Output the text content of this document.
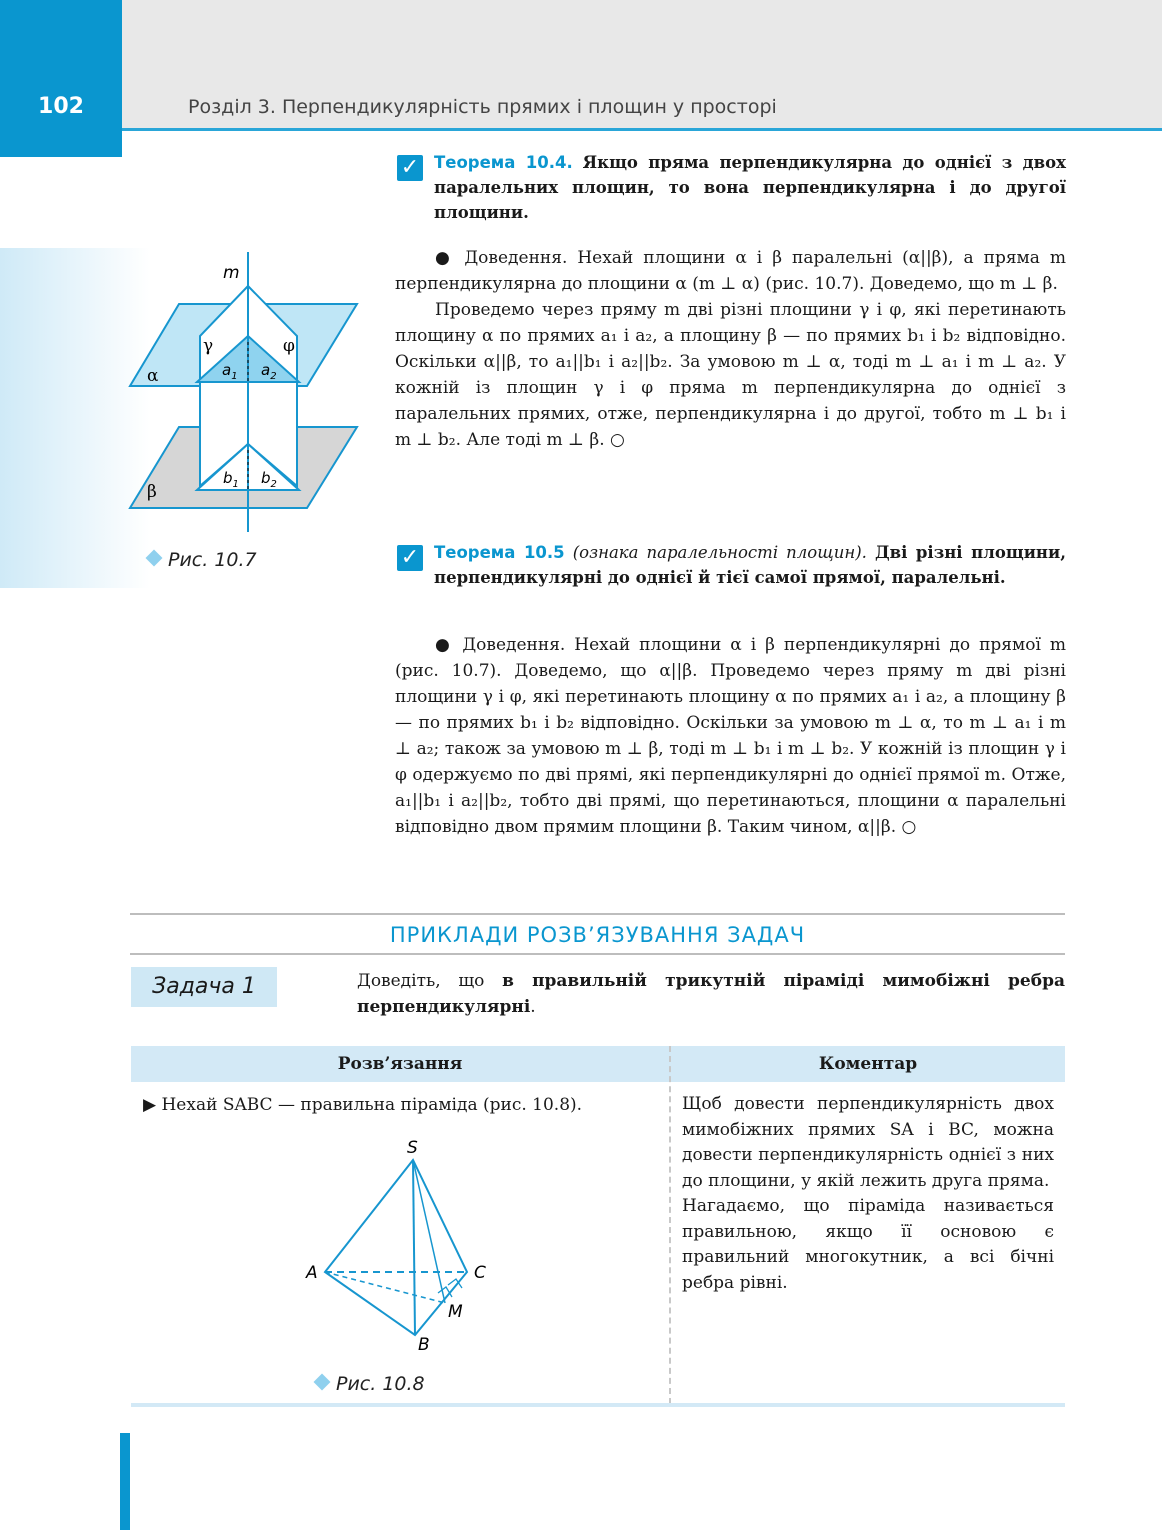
102	Розділ 3. Перпендикулярність прямих і площин у просторі
m
γ	φ
α
β
$a_1$ $a_2$
$b_1$ $b_2$
Рис. 10.7
✓ Теорема 10.4. Якщо пряма перпендикулярна до однієї з двох паралельних площин, то вона перпендикулярна і до другої площини.

● Доведення. Нехай площини α і β паралельні (α||β), а пряма m перпендикулярна до площини α (m ⊥ α) (рис. 10.7). Доведемо, що m ⊥ β.

Проведемо через пряму m дві різні площини γ і φ, які перетинають площину α по прямих a₁ і a₂, а площину β — по прямих b₁ і b₂ відповідно. Оскільки α||β, то a₁||b₁ і a₂||b₂. За умовою m ⊥ α, тоді m ⊥ a₁ і m ⊥ a₂. У кожній із площин γ і φ пряма m перпендикулярна до однієї з паралельних прямих, отже, перпендикулярна і до другої, тобто m ⊥ b₁ і m ⊥ b₂. Але тоді m ⊥ β. ○

✓ Теорема 10.5 (ознака паралельності площин). Дві різні площини, перпендикулярні до однієї й тієї самої прямої, паралельні.

● Доведення. Нехай площини α і β перпендикулярні до прямої m (рис. 10.7). Доведемо, що α||β. Проведемо через пряму m дві різні площини γ і φ, які перетинають площину α по прямих a₁ і a₂, а площину β — по прямих b₁ і b₂ відповідно. Оскільки за умовою m ⊥ α, то m ⊥ a₁ і m ⊥ a₂; також за умовою m ⊥ β, тоді m ⊥ b₁ і m ⊥ b₂. У кожній із площин γ і φ одержуємо по дві прямі, які перпендикулярні до однієї прямої m. Отже, a₁||b₁ і a₂||b₂, тобто дві прямі, що перетинаються, площини α паралельні відповідно двом прямим площини β. Таким чином, α||β. ○

ПРИКЛАДИ РОЗВ’ЯЗУВАННЯ ЗАДАЧ
Задача 1	Доведіть, що в правильній трикутній піраміді мимобіжні ребра перпендикулярні.
Розв’язання	Коментар
▶ Нехай SABC — правильна піраміда (рис. 10.8).	Щоб довести перпендикулярність двох мимобіжних прямих SA і BC, можна довести перпендикулярність однієї з них до площини, у якій лежить друга пряма.

Нагадаємо, що піраміда називається правильною, якщо її основою є правильний многокутник, а всі бічні ребра рівні.

S
A	C
M
B
Рис. 10.8
